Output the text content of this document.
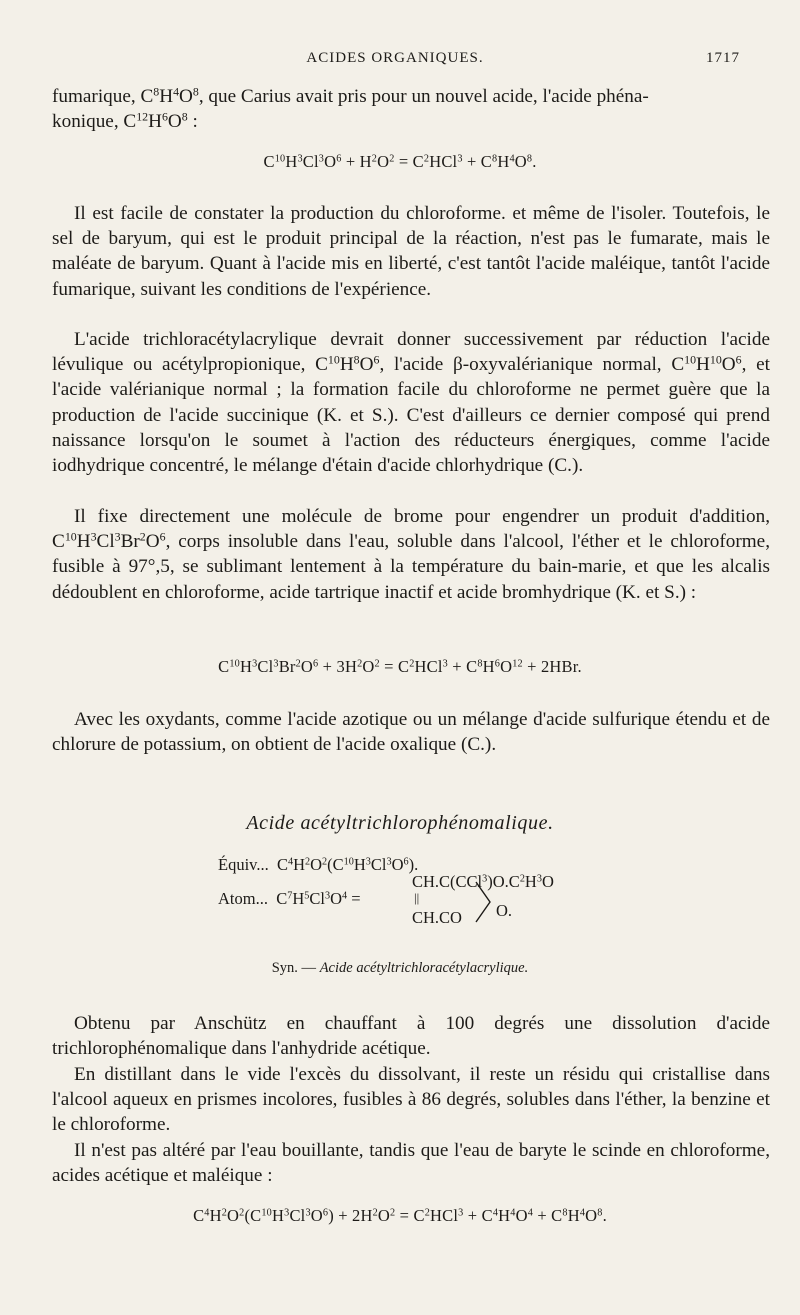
ACIDES ORGANIQUES.	1717
fumarique, $C^8H^4O^8$, que Carius avait pris pour un nouvel acide, l'acide phéna-
konique, $C^{12}H^6O^8$ :
$C^{10}H^3Cl^3O^6 + H^2O^2 = C^2HCl^3 + C^8H^4O^8$.
Il est facile de constater la production du chloroforme. et même de l'isoler. Toutefois, le sel de baryum, qui est le produit principal de la réaction, n'est pas le fumarate, mais le maléate de baryum. Quant à l'acide mis en liberté, c'est tantôt l'acide maléique, tantôt l'acide fumarique, suivant les conditions de l'expérience.
L'acide trichloracétylacrylique devrait donner successivement par réduction l'acide lévulique ou acétylpropionique, $C^{10}H^8O^6$, l'acide β-oxyvalérianique normal, $C^{10}H^{10}O^6$, et l'acide valérianique normal ; la formation facile du chloroforme ne permet guère que la production de l'acide succinique (K. et S.). C'est d'ailleurs ce dernier composé qui prend naissance lorsqu'on le soumet à l'action des réducteurs énergiques, comme l'acide iodhydrique concentré, le mélange d'étain d'acide chlorhydrique (C.).
Il fixe directement une molécule de brome pour engendrer un produit d'addition, $C^{10}H^3Cl^3Br^2O^6$, corps insoluble dans l'eau, soluble dans l'alcool, l'éther et le chloroforme, fusible à 97°,5, se sublimant lentement à la température du bain-marie, et que les alcalis dédoublent en chloroforme, acide tartrique inactif et acide bromhydrique (K. et S.) :
$C^{10}H^3Cl^3Br^2O^6 + 3H^2O^2 = C^2HCl^3 + C^8H^6O^{12} + 2HBr$.
Avec les oxydants, comme l'acide azotique ou un mélange d'acide sulfurique étendu et de chlorure de potassium, on obtient de l'acide oxalique (C.).
Acide acétyltrichlorophénomalique.
Équiv... $C^4H^2O^2(C^{10}H^3Cl^3O^6)$.
$CH.C(CCl^3)O.C^2H^3O$
Atom... $C^7H^5Cl^3O^4$ =	||
CH.CO O.
Syn. — Acide acétyltrichloracétylacrylique.
Obtenu par Anschütz en chauffant à 100 degrés une dissolution d'acide trichlorophénomalique dans l'anhydride acétique.
En distillant dans le vide l'excès du dissolvant, il reste un résidu qui cristallise dans l'alcool aqueux en prismes incolores, fusibles à 86 degrés, solubles dans l'éther, la benzine et le chloroforme.
Il n'est pas altéré par l'eau bouillante, tandis que l'eau de baryte le scinde en chloroforme, acides acétique et maléique :
$C^4H^2O^2(C^{10}H^3Cl^3O^6) + 2H^2O^2 = C^2HCl^3 + C^4H^4O^4 + C^8H^4O^8$.
